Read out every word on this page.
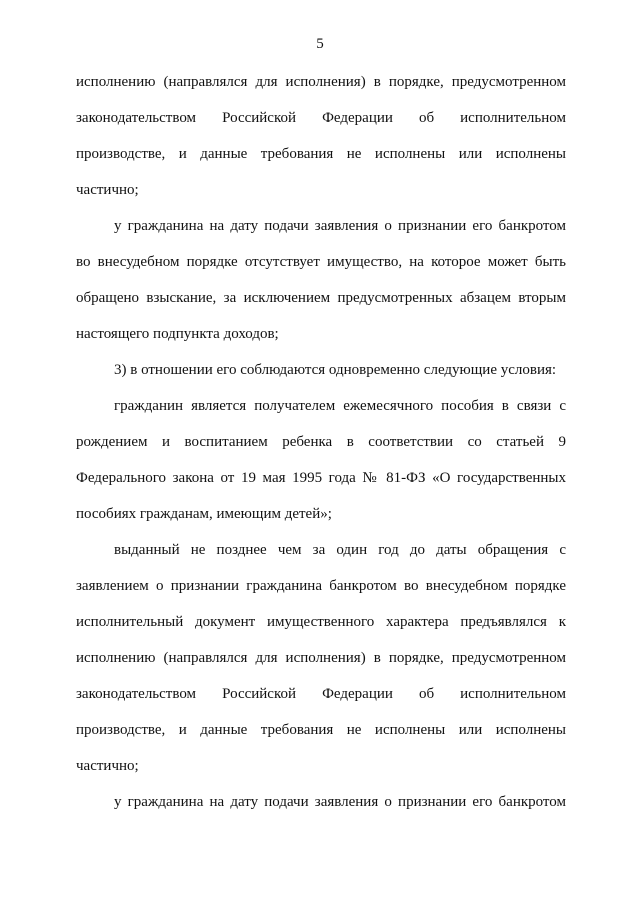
5
исполнению (направлялся для исполнения) в порядке, предусмотренном
законодательством Российской Федерации об исполнительном
производстве, и данные требования не исполнены или исполнены
частично;
у гражданина на дату подачи заявления о признании его банкротом
во внесудебном порядке отсутствует имущество, на которое может быть
обращено взыскание, за исключением предусмотренных абзацем вторым
настоящего подпункта доходов;
3) в отношении его соблюдаются одновременно следующие условия:
гражданин является получателем ежемесячного пособия в связи с
рождением и воспитанием ребенка в соответствии со статьей 9
Федерального закона от 19 мая 1995 года № 81-ФЗ «О государственных
пособиях гражданам, имеющим детей»;
выданный не позднее чем за один год до даты обращения с
заявлением о признании гражданина банкротом во внесудебном порядке
исполнительный документ имущественного характера предъявлялся к
исполнению (направлялся для исполнения) в порядке, предусмотренном
законодательством Российской Федерации об исполнительном
производстве, и данные требования не исполнены или исполнены
частично;
у гражданина на дату подачи заявления о признании его банкротом
